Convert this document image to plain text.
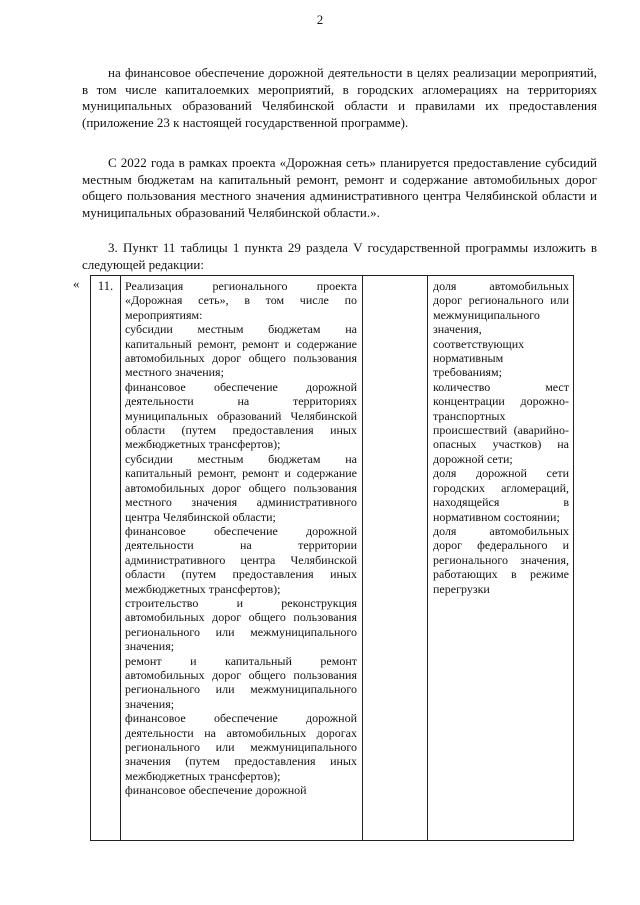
2

на финансовое обеспечение дорожной деятельности в целях реализации мероприятий, в том числе капиталоемких мероприятий, в городских агломерациях на территориях муниципальных образований Челябинской области и правилами их предоставления (приложение 23 к настоящей государственной программе).

С 2022 года в рамках проекта «Дорожная сеть» планируется предоставление субсидий местным бюджетам на капитальный ремонт, ремонт и содержание автомобильных дорог общего пользования местного значения административного центра Челябинской области и муниципальных образований Челябинской области.».

3. Пункт 11 таблицы 1 пункта 29 раздела V государственной программы изложить в следующей редакции:

«	11. Реализация регионального проекта «Дорожная сеть», в том числе по мероприятиям:
субсидии местным бюджетам на капитальный ремонт, ремонт и содержание автомобильных дорог общего пользования местного значения;
финансовое обеспечение дорожной деятельности на территориях муниципальных образований Челябинской области (путем предоставления иных межбюджетных трансфертов);
субсидии местным бюджетам на капитальный ремонт, ремонт и содержание автомобильных дорог общего пользования местного значения административного центра Челябинской области;
финансовое обеспечение дорожной деятельности на территории административного центра Челябинской области (путем предоставления иных межбюджетных трансфертов);
строительство и реконструкция автомобильных дорог общего пользования регионального или межмуниципального значения;
ремонт и капитальный ремонт автомобильных дорог общего пользования регионального или межмуниципального значения;
финансовое обеспечение дорожной деятельности на автомобильных дорогах регионального или межмуниципального значения (путем предоставления иных межбюджетных трансфертов);
финансовое обеспечение дорожной
доля автомобильных дорог регионального или межмуниципального значения, соответствующих нормативным требованиям;
количество мест концентрации дорожно-транспортных происшествий (аварийно-опасных участков) на дорожной сети;
доля дорожной сети городских агломераций, находящейся в нормативном состоянии;
доля автомобильных дорог федерального и регионального значения, работающих в режиме перегрузки
